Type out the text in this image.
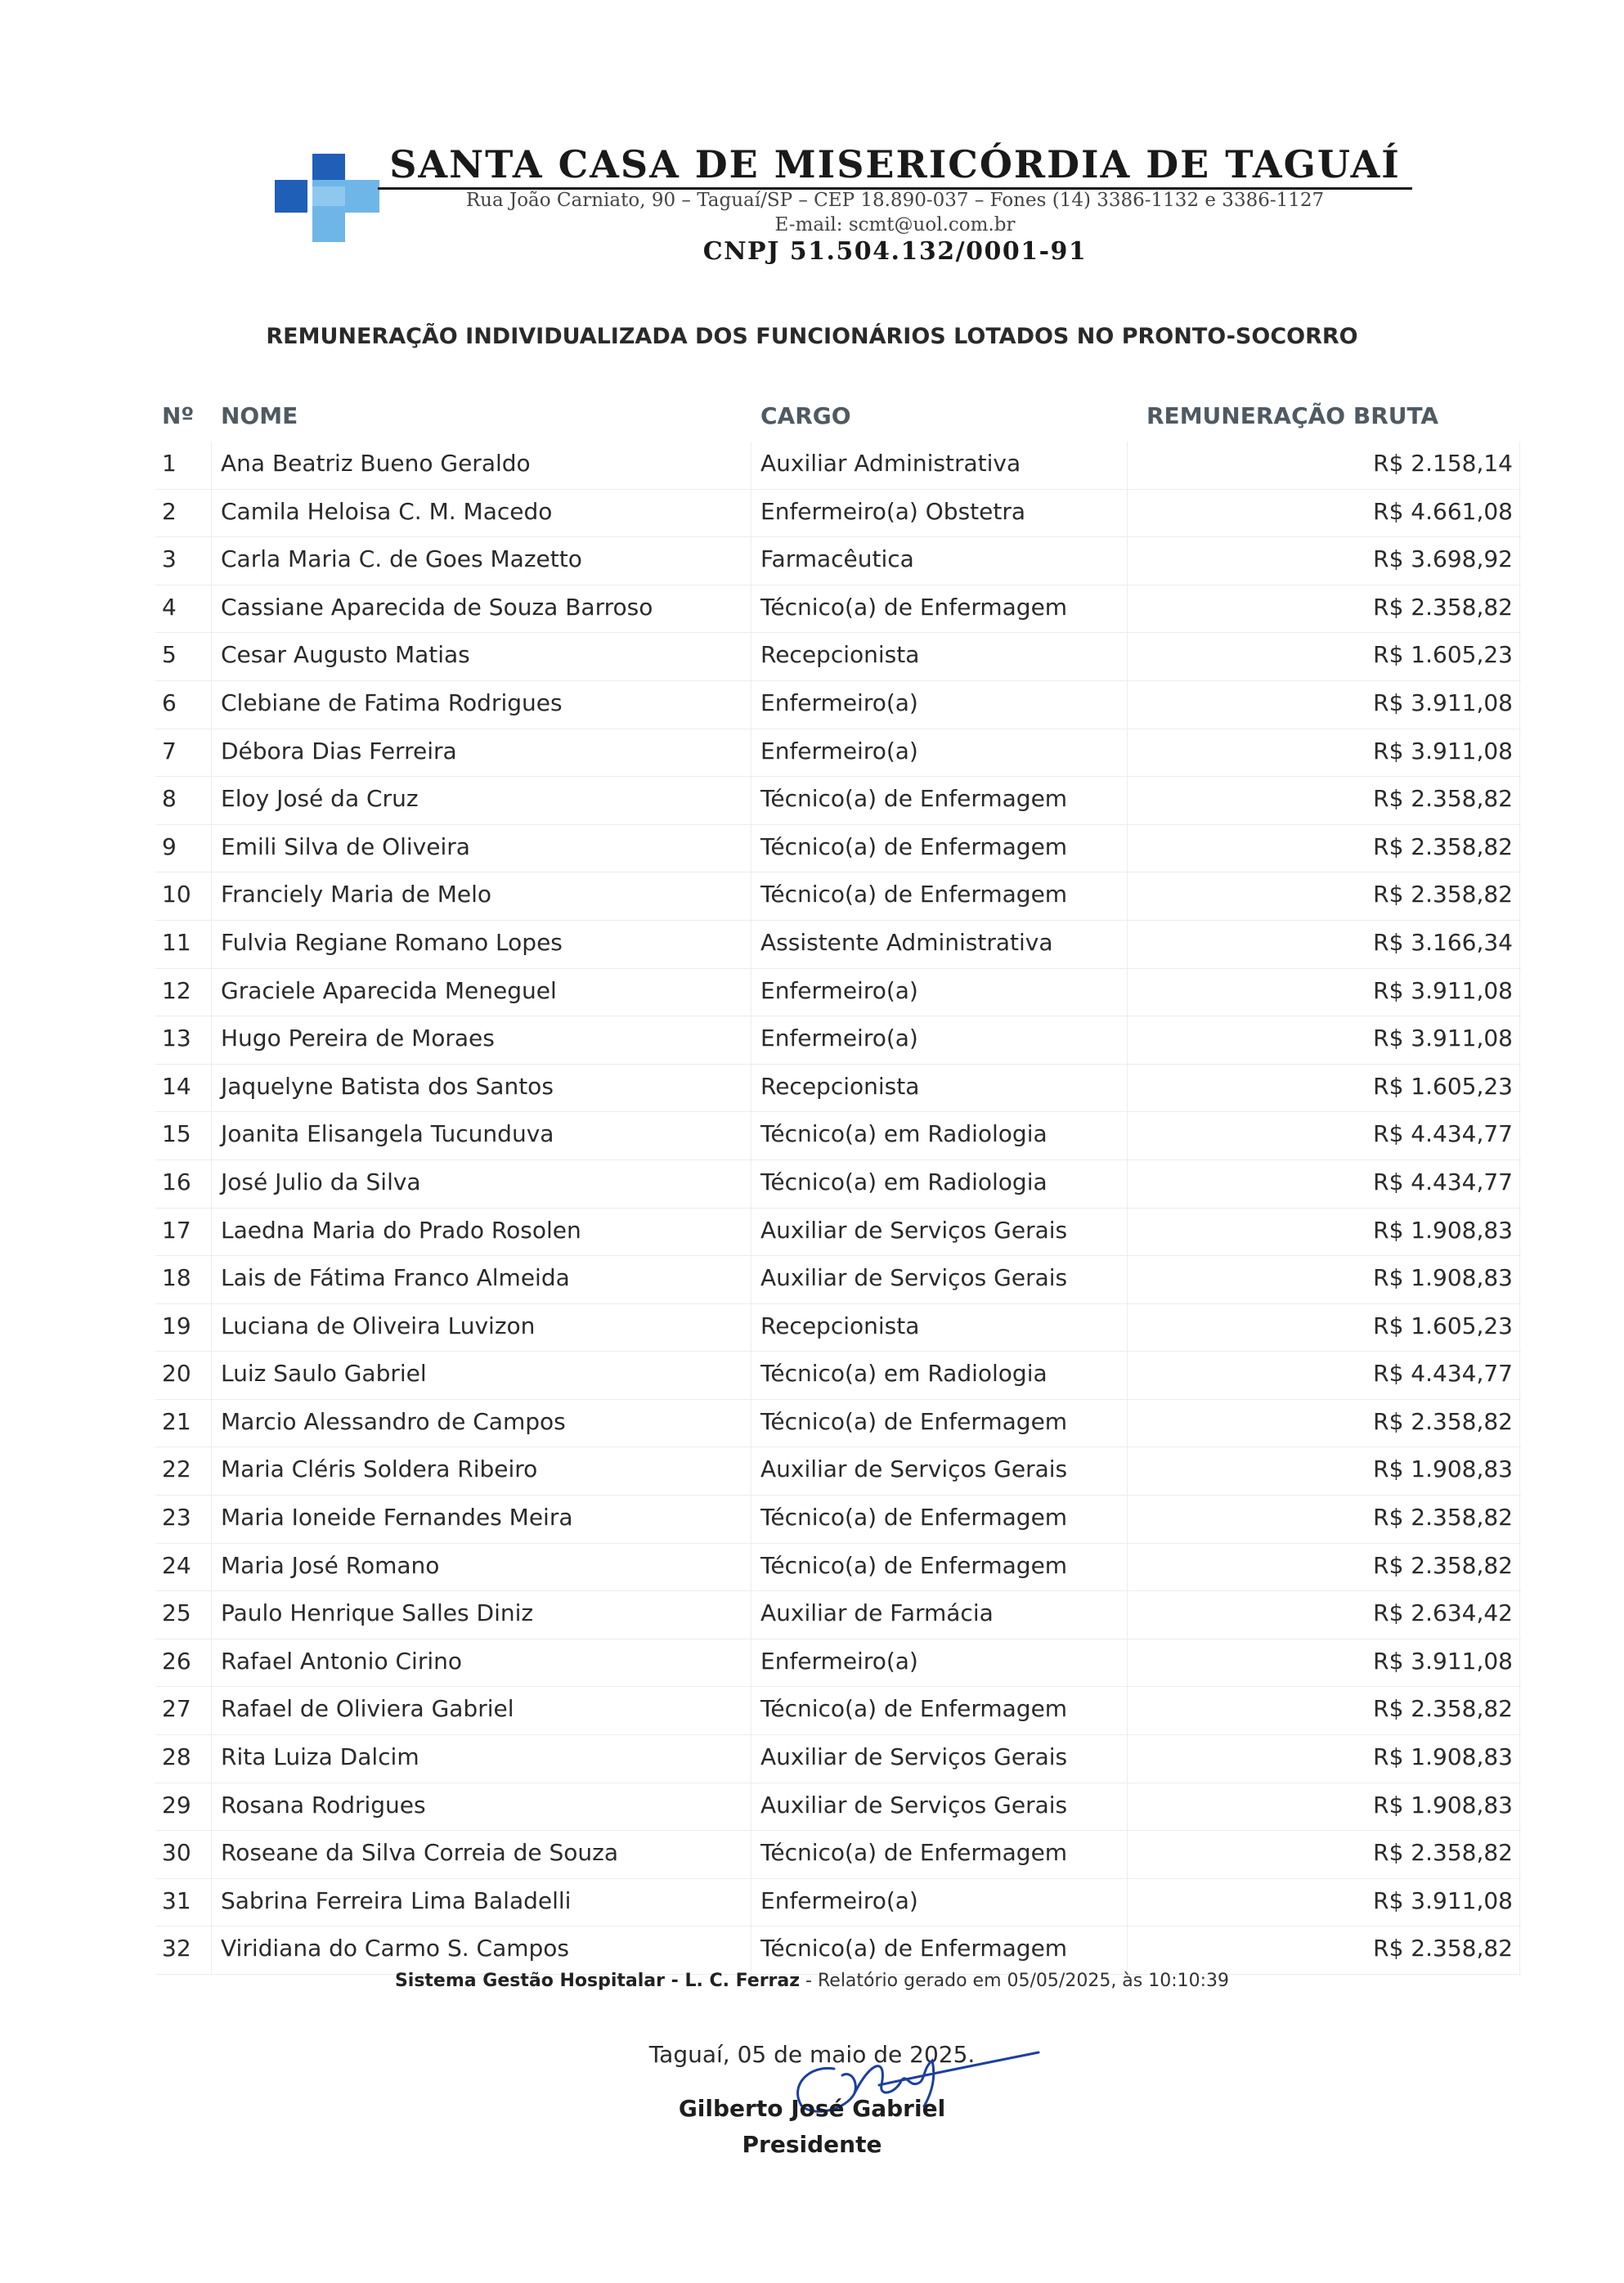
SANTA CASA DE MISERICÓRDIA DE TAGUAÍ
Rua João Carniato, 90 – Taguaí/SP – CEP 18.890-037 – Fones (14) 3386-1132 e 3386-1127
E-mail: scmt@uol.com.br
CNPJ 51.504.132/0001-91
REMUNERAÇÃO INDIVIDUALIZADA DOS FUNCIONÁRIOS LOTADOS NO PRONTO-SOCORRO
Nº NOME	CARGO	REMUNERAÇÃO BRUTA
1 Ana Beatriz Bueno Geraldo	Auxiliar Administrativa	R$ 2.158,14
2 Camila Heloisa C. M. Macedo	Enfermeiro(a) Obstetra	R$ 4.661,08
3 Carla Maria C. de Goes Mazetto	Farmacêutica	R$ 3.698,92
4 Cassiane Aparecida de Souza Barroso	Técnico(a) de Enfermagem	R$ 2.358,82
5 Cesar Augusto Matias	Recepcionista	R$ 1.605,23
6 Clebiane de Fatima Rodrigues	Enfermeiro(a)	R$ 3.911,08
7 Débora Dias Ferreira	Enfermeiro(a)	R$ 3.911,08
8 Eloy José da Cruz	Técnico(a) de Enfermagem	R$ 2.358,82
9 Emili Silva de Oliveira	Técnico(a) de Enfermagem	R$ 2.358,82
10 Franciely Maria de Melo	Técnico(a) de Enfermagem	R$ 2.358,82
11 Fulvia Regiane Romano Lopes	Assistente Administrativa	R$ 3.166,34
12 Graciele Aparecida Meneguel	Enfermeiro(a)	R$ 3.911,08
13 Hugo Pereira de Moraes	Enfermeiro(a)	R$ 3.911,08
14 Jaquelyne Batista dos Santos	Recepcionista	R$ 1.605,23
15 Joanita Elisangela Tucunduva	Técnico(a) em Radiologia	R$ 4.434,77
16 José Julio da Silva	Técnico(a) em Radiologia	R$ 4.434,77
17 Laedna Maria do Prado Rosolen	Auxiliar de Serviços Gerais	R$ 1.908,83
18 Lais de Fátima Franco Almeida	Auxiliar de Serviços Gerais	R$ 1.908,83
19 Luciana de Oliveira Luvizon	Recepcionista	R$ 1.605,23
20 Luiz Saulo Gabriel	Técnico(a) em Radiologia	R$ 4.434,77
21 Marcio Alessandro de Campos	Técnico(a) de Enfermagem	R$ 2.358,82
22 Maria Cléris Soldera Ribeiro	Auxiliar de Serviços Gerais	R$ 1.908,83
23 Maria Ioneide Fernandes Meira	Técnico(a) de Enfermagem	R$ 2.358,82
24 Maria José Romano	Técnico(a) de Enfermagem	R$ 2.358,82
25 Paulo Henrique Salles Diniz	Auxiliar de Farmácia	R$ 2.634,42
26 Rafael Antonio Cirino	Enfermeiro(a)	R$ 3.911,08
27 Rafael de Oliviera Gabriel	Técnico(a) de Enfermagem	R$ 2.358,82
28 Rita Luiza Dalcim	Auxiliar de Serviços Gerais	R$ 1.908,83
29 Rosana Rodrigues	Auxiliar de Serviços Gerais	R$ 1.908,83
30 Roseane da Silva Correia de Souza	Técnico(a) de Enfermagem	R$ 2.358,82
31 Sabrina Ferreira Lima Baladelli	Enfermeiro(a)	R$ 3.911,08
32 Viridiana do Carmo S. Campos	Técnico(a) de Enfermagem	R$ 2.358,82
Sistema Gestão Hospitalar - L. C. Ferraz - Relatório gerado em 05/05/2025, às 10:10:39
Taguaí, 05 de maio de 2025.
Gilberto José Gabriel
Presidente
